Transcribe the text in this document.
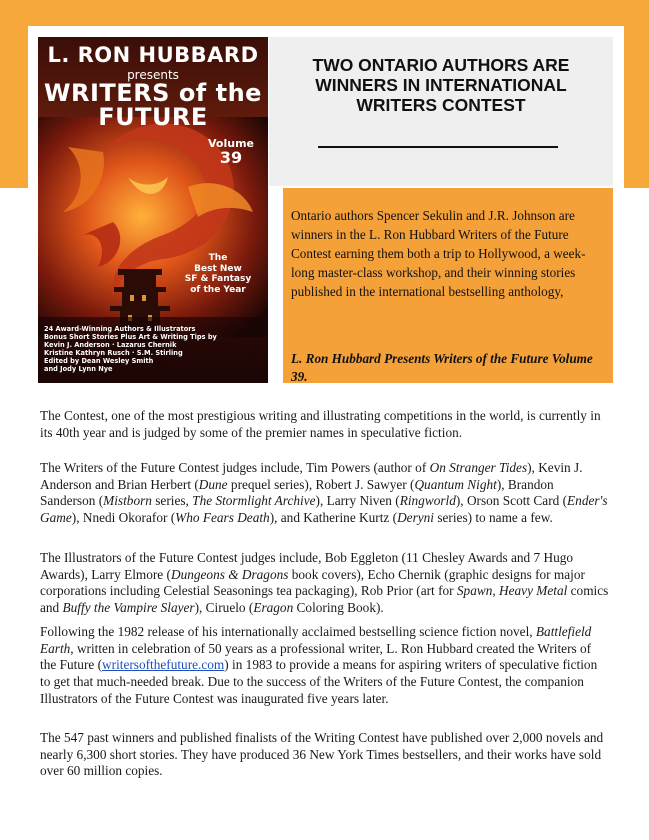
L. RON HUBBARD
presents
WRITERS of the
FUTURE
Volume
39
The
Best New
SF & Fantasy
of the Year
24 Award-Winning Authors & Illustrators
Bonus Short Stories Plus Art & Writing Tips by
Kevin J. Anderson · Lazarus Chernik
Kristine Kathryn Rusch · S.M. Stirling
Edited by Dean Wesley Smith
and Jody Lynn Nye
TWO ONTARIO AUTHORS ARE WINNERS IN INTERNATIONAL WRITERS CONTEST

Ontario authors Spencer Sekulin and J.R. Johnson are winners in the L. Ron Hubbard Writers of the Future Contest earning them both a trip to Hollywood, a week-long master-class workshop, and their winning stories published in the international bestselling anthology,

L. Ron Hubbard Presents Writers of the Future Volume 39.

The Contest, one of the most prestigious writing and illustrating competitions in the world, is currently in its 40th year and is judged by some of the premier names in speculative fiction.

The Writers of the Future Contest judges include, Tim Powers (author of On Stranger Tides), Kevin J. Anderson and Brian Herbert (Dune prequel series), Robert J. Sawyer (Quantum Night), Brandon Sanderson (Mistborn series, The Stormlight Archive), Larry Niven (Ringworld), Orson Scott Card (Ender's Game), Nnedi Okorafor (Who Fears Death), and Katherine Kurtz (Deryni series) to name a few.

The Illustrators of the Future Contest judges include, Bob Eggleton (11 Chesley Awards and 7 Hugo Awards), Larry Elmore (Dungeons & Dragons book covers), Echo Chernik (graphic designs for major corporations including Celestial Seasonings tea packaging), Rob Prior (art for Spawn, Heavy Metal comics and Buffy the Vampire Slayer), Ciruelo (Eragon Coloring Book).

Following the 1982 release of his internationally acclaimed bestselling science fiction novel, Battlefield Earth, written in celebration of 50 years as a professional writer, L. Ron Hubbard created the Writers of the Future (writersofthefuture.com) in 1983 to provide a means for aspiring writers of speculative fiction to get that much-needed break. Due to the success of the Writers of the Future Contest, the companion Illustrators of the Future Contest was inaugurated five years later.

The 547 past winners and published finalists of the Writing Contest have published over 2,000 novels and nearly 6,300 short stories. They have produced 36 New York Times bestsellers, and their works have sold over 60 million copies.
